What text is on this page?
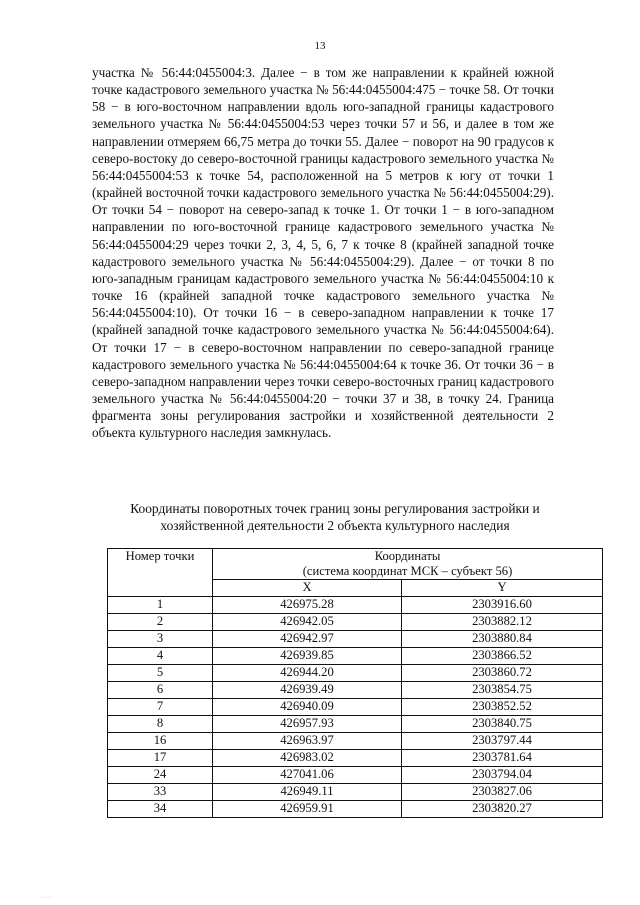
13

участка № 56:44:0455004:3. Далее − в том же направлении к крайней южной точке кадастрового земельного участка № 56:44:0455004:475 − точке 58. От точки 58 − в юго-восточном направлении вдоль юго-западной границы кадастрового земельного участка № 56:44:0455004:53 через точки 57 и 56, и далее в том же направлении отмеряем 66,75 метра до точки 55. Далее − поворот на 90 градусов к северо-востоку до северо-восточной границы кадастрового земельного участка № 56:44:0455004:53 к точке 54, расположенной на 5 метров к югу от точки 1 (крайней восточной точки кадастрового земельного участка № 56:44:0455004:29). От точки 54 − поворот на северо-запад к точке 1. От точки 1 − в юго-западном направлении по юго-восточной границе кадастрового земельного участка № 56:44:0455004:29 через точки 2, 3, 4, 5, 6, 7 к точке 8 (крайней западной точке кадастрового земельного участка № 56:44:0455004:29). Далее − от точки 8 по юго-западным границам кадастрового земельного участка № 56:44:0455004:10 к точке 16 (крайней западной точке кадастрового земельного участка № 56:44:0455004:10). От точки 16 − в северо-западном направлении к точке 17 (крайней западной точке кадастрового земельного участка № 56:44:0455004:64). От точки 17 − в северо-восточном направлении по северо-западной границе кадастрового земельного участка № 56:44:0455004:64 к точке 36. От точки 36 − в северо-западном направлении через точки северо-восточных границ кадастрового земельного участка № 56:44:0455004:20 − точки 37 и 38, в точку 24. Граница фрагмента зоны регулирования застройки и хозяйственной деятельности 2 объекта культурного наследия замкнулась.

Координаты поворотных точек границ зоны регулирования застройки и
хозяйственной деятельности 2 объекта культурного наследия
Номер точки	Координаты
(система координат МСК – субъект 56)	

	X	Y
1	426975.28	2303916.60
2	426942.05	2303882.12
3	426942.97	2303880.84
4	426939.85	2303866.52
5	426944.20	2303860.72
6	426939.49	2303854.75
7	426940.09	2303852.52
8	426957.93	2303840.75
16	426963.97	2303797.44
17	426983.02	2303781.64
24	427041.06	2303794.04
33	426949.11	2303827.06
34	426959.91	2303820.27
· · · ·
